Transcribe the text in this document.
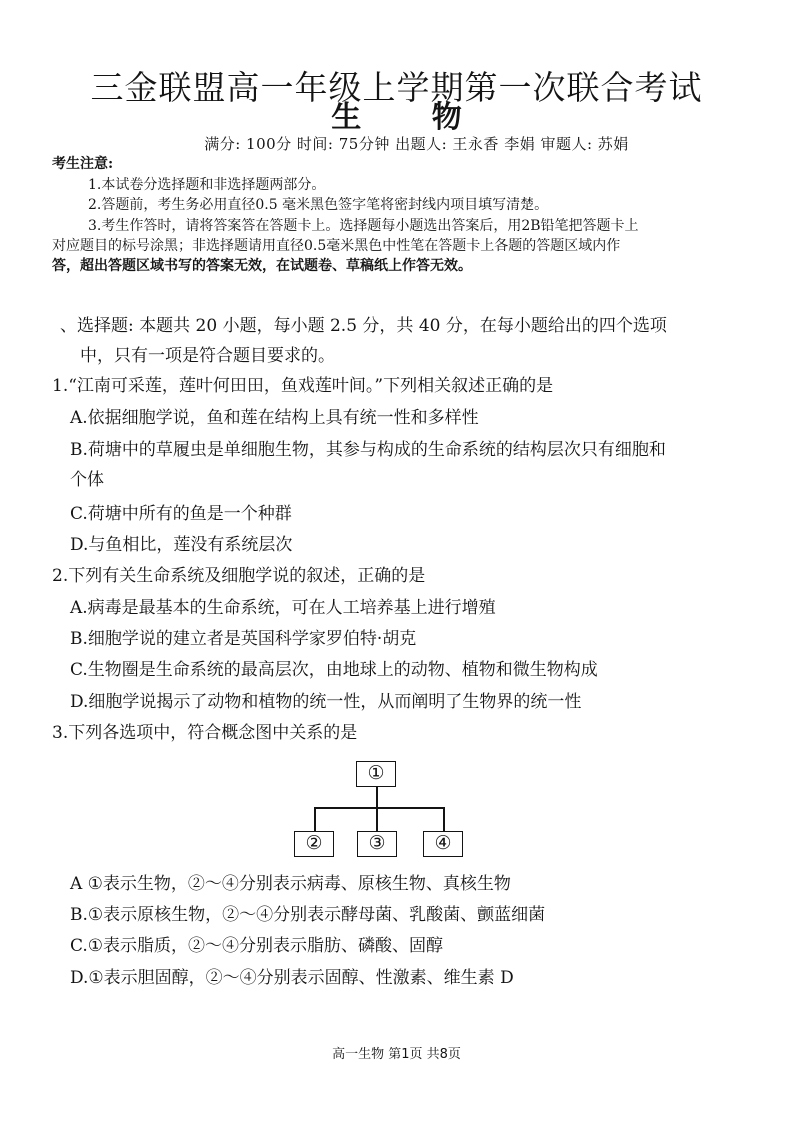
三金联盟高一年级上学期第一次联合考试
生 物
满分: 100分 时间: 75分钟 出题人: 王永香 李娟 审题人: 苏娟
考生注意:
1.本试卷分选择题和非选择题两部分。
2.答题前，考生务必用直径0.5 毫米黑色签字笔将密封线内项目填写清楚。
3.考生作答时，请将答案答在答题卡上。选择题每小题选出答案后，用2B铅笔把答题卡上
对应题目的标号涂黑；非选择题请用直径0.5毫米黑色中性笔在答题卡上各题的答题区域内作
答，超出答题区域书写的答案无效，在试题卷、草稿纸上作答无效。
、选择题: 本题共 20 小题，每小题 2.5 分，共 40 分，在每小题给出的四个选项
中，只有一项是符合题目要求的。
1.“江南可采莲，莲叶何田田，鱼戏莲叶间。”下列相关叙述正确的是
A.依据细胞学说，鱼和莲在结构上具有统一性和多样性
B.荷塘中的草履虫是单细胞生物，其参与构成的生命系统的结构层次只有细胞和
个体
C.荷塘中所有的鱼是一个种群
D.与鱼相比，莲没有系统层次
2.下列有关生命系统及细胞学说的叙述，正确的是
A.病毒是最基本的生命系统，可在人工培养基上进行增殖
B.细胞学说的建立者是英国科学家罗伯特·胡克
C.生物圈是生命系统的最高层次，由地球上的动物、植物和微生物构成
D.细胞学说揭示了动物和植物的统一性，从而阐明了生物界的统一性
3.下列各选项中，符合概念图中关系的是
①
②	③	④
A ①表示生物，②～④分别表示病毒、原核生物、真核生物
B.①表示原核生物，②～④分别表示酵母菌、乳酸菌、颤蓝细菌
C.①表示脂质，②～④分别表示脂肪、磷酸、固醇
D.①表示胆固醇，②～④分别表示固醇、性激素、维生素 D
高一生物 第1页 共8页
